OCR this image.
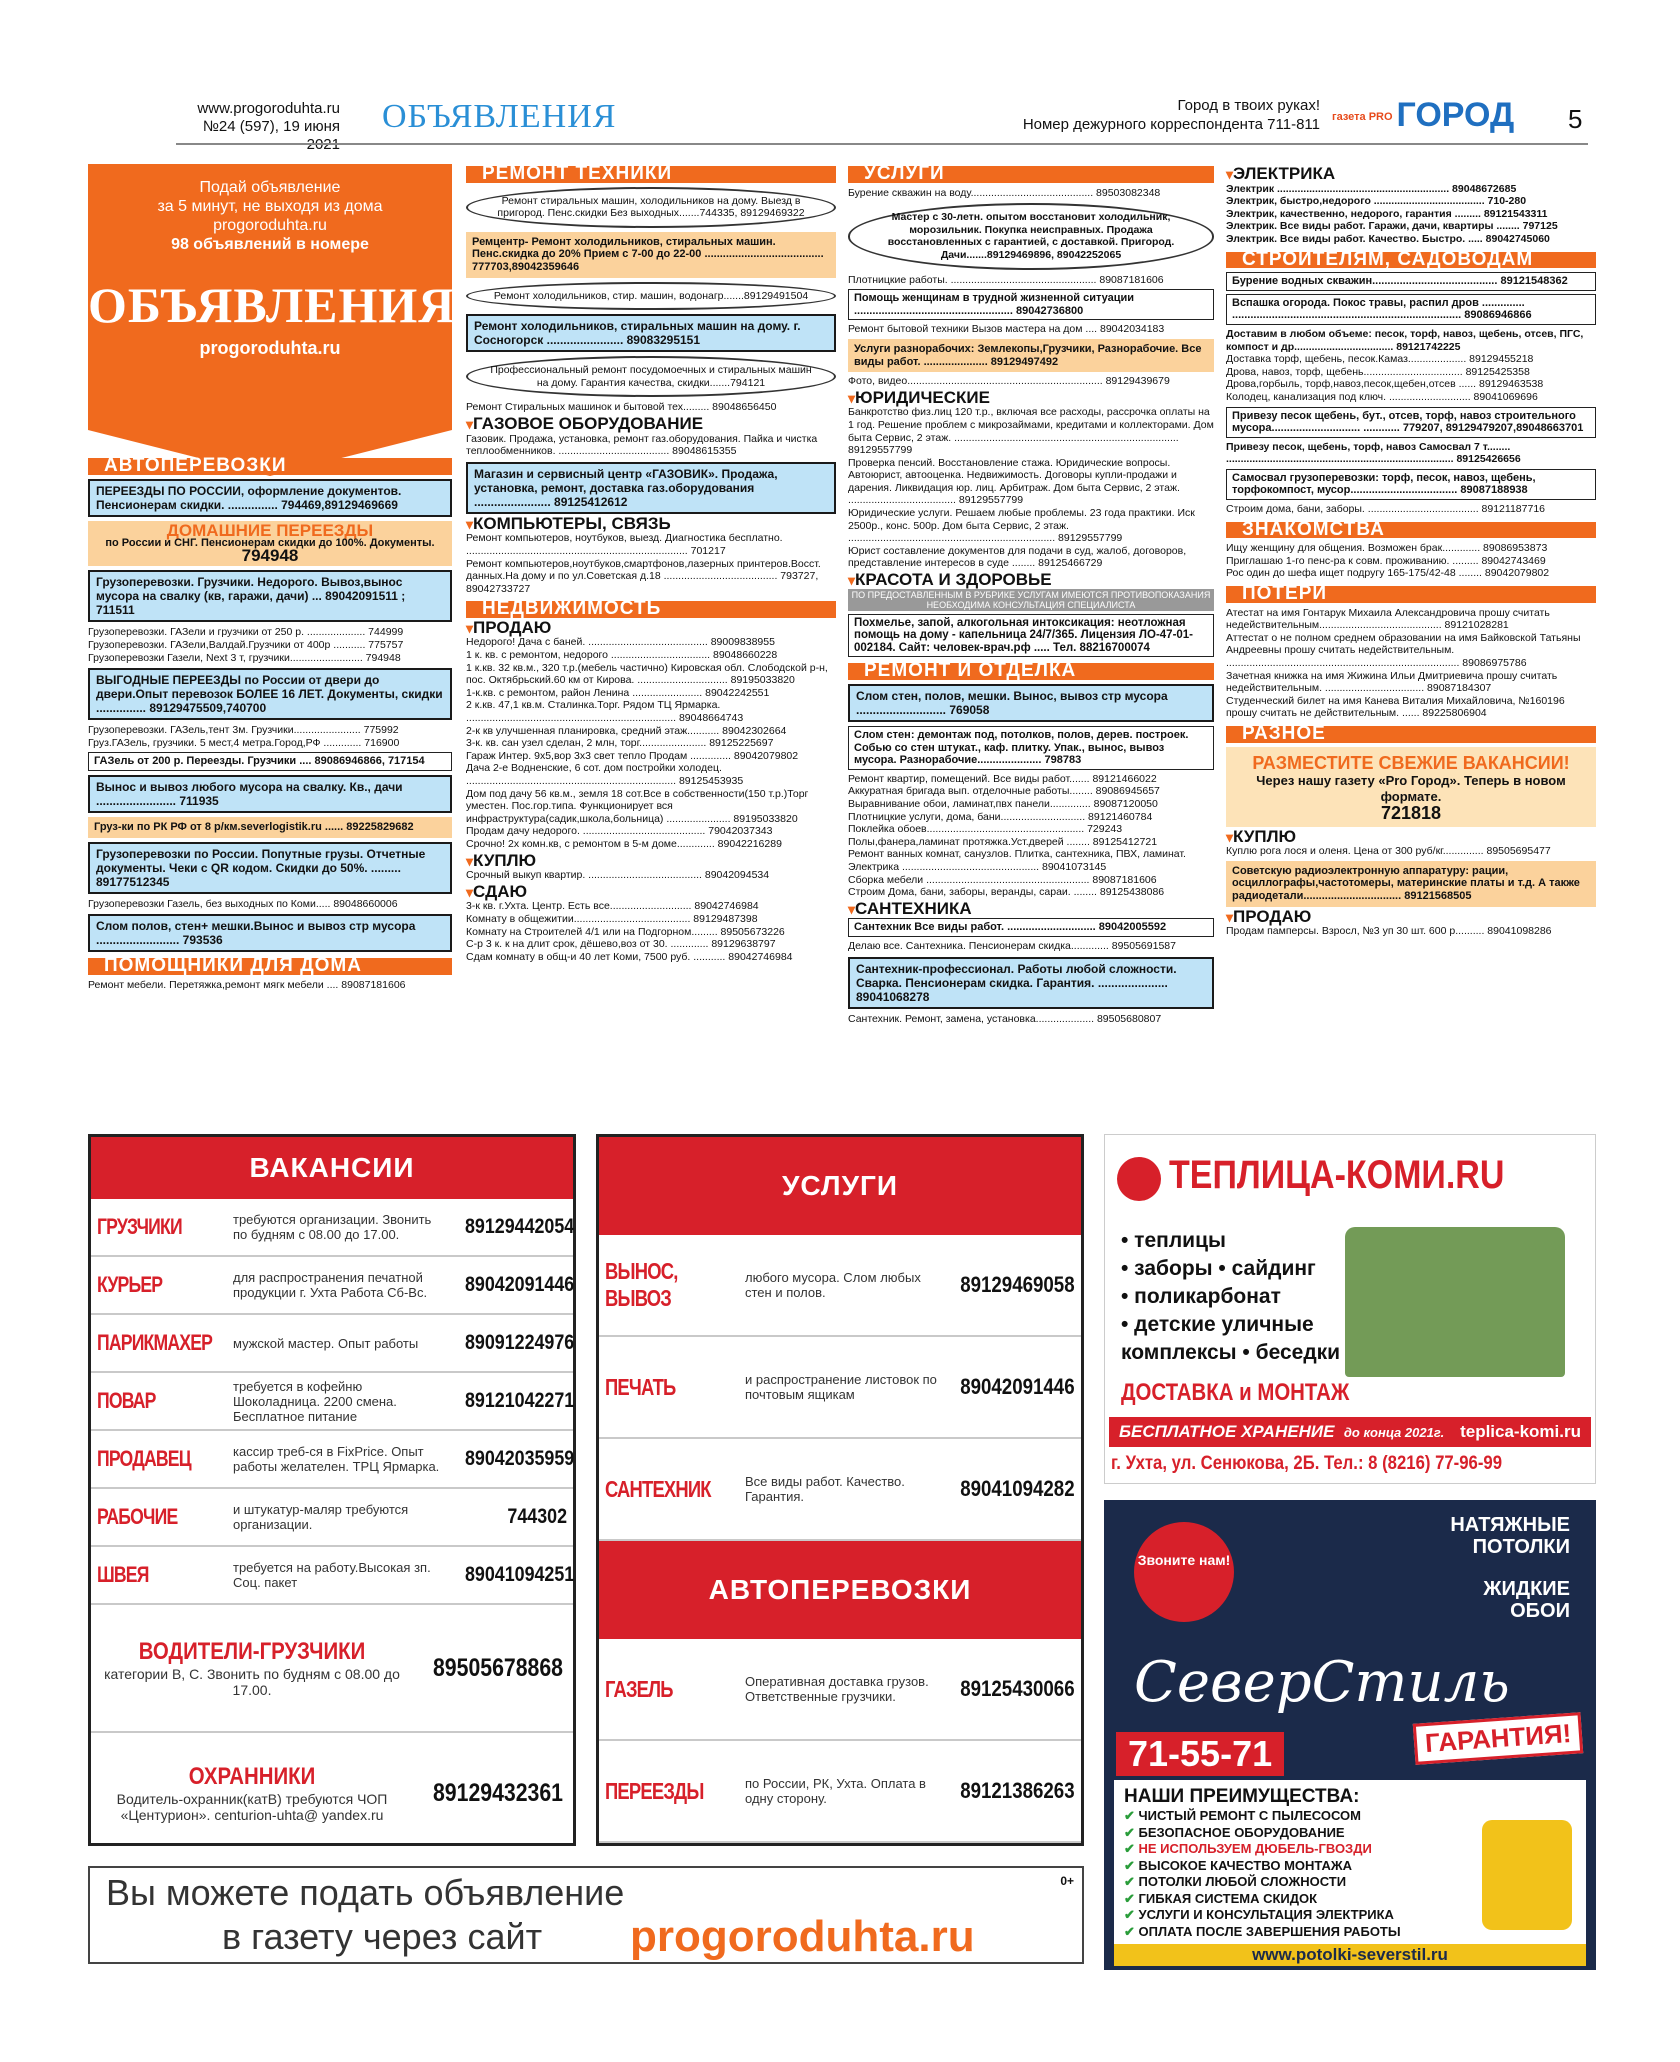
www.progoroduhta.ru
№24 (597), 19 июня ОБЪЯВЛЕНИЯ	Город в твоих руках!
Номер дежурного корреспондента 711-811 газета PRO ГОРОД 5
Подай объявление
за 5 минут, не выходя из дома
progoroduhta.ru
98 объявлений в номере
ОБЪЯВЛЕНИЯ
progoroduhta.ru
АВТОПЕРЕВОЗКИ
ПЕРЕЕЗДЫ ПО РОССИИ, оформление документов. Пенсионерам скидки. ............... 794469,89129469669
ДОМАШНИЕ ПЕРЕЕЗДЫ
по России и СНГ. Пенсионерам скидки до 100%. Документы.
794948
Грузоперевозки. Грузчики. Недорого. Вывоз,вынос мусора на свалку (кв, гаражи, дачи) ... 89042091511 ; 711511
Грузоперевозки. ГАЗели и грузчики от 250 р. .................... 744999
Грузоперевозки. ГАЗели,Валдай.Грузчики от 400р ........... 775757
Грузоперевозки Газели, Next 3 т, грузчики......................... 794948
ВЫГОДНЫЕ ПЕРЕЕЗДЫ по России от двери до двери.Опыт перевозок БОЛЕЕ 16 ЛЕТ. Документы, скидки ............... 89129475509,740700
Грузоперевозки. ГАЗель,тент 3м. Грузчики....................... 775992
Груз.ГАЗель, грузчики. 5 мест,4 метра.Город,РФ ............. 716900
ГАЗель от 200 р. Переезды. Грузчики .... 89086946866, 717154
Вынос и вывоз любого мусора на свалку. Кв., дачи ........................ 711935
Груз-ки по РК РФ от 8 р/км.severlogistik.ru ...... 89225829682
Грузоперевозки по России. Попутные грузы. Отчетные документы. Чеки с QR кодом. Скидки до 50%. ......... 89177512345
Грузоперевозки Газель, без выходных по Коми..... 89048660006
Слом полов, стен+ мешки.Вынос и вывоз стр мусора ......................... 793536
ПОМОЩНИКИ ДЛЯ ДОМА
Ремонт мебели. Перетяжка,ремонт мягк мебели .... 89087181606
РЕМОНТ ТЕХНИКИ
Ремонт стиральных машин, холодильников на дому. Выезд в пригород. Пенс.скидки Без выходных.......744335, 89129469322
Ремцентр- Ремонт холодильников, стиральных машин. Пенс.скидка до 20% Прием с 7-00 до 22-00 ....................................... 777703,89042359646
Ремонт холодильников, стир. машин, водонагр.......89129491504
Ремонт холодильников, стиральных машин на дому. г. Сосногорск ....................... 89083295151
Профессиональный ремонт посудомоечных и стиральных машин на дому. Гарантия качества, скидки.......794121
Ремонт Стиральных машинок и бытовой тех......... 89048656450
▾ ГАЗОВОЕ ОБОРУДОВАНИЕ
Газовик. Продажа, установка, ремонт газ.оборудования. Пайка и чистка теплообменников. ...................................... 89048615355
Магазин и сервисный центр «ГАЗОВИК». Продажа, установка, ремонт, доставка газ.оборудования ....................... 89125412612
▾ КОМПЬЮТЕРЫ, СВЯЗЬ
Ремонт компьютеров, ноутбуков, выезд. Диагностика бесплатно. ............................................................................ 701217
Ремонт компьютеров,ноутбуков,смартфонов,лазерных принтеров.Восст. данных.На дому и по ул.Советская д.18 ....................................... 793727, 89042733727
НЕДВИЖИМОСТЬ
▾ ПРОДАЮ
Недорого! Дача с баней. ......................................... 89009838955
1 к. кв. с ремонтом, недорого .................................. 89048660228
1 к.кв. 32 кв.м., 320 т.р.(мебель частично) Кировская обл. Слободской р-н, пос. Октябрьский.60 км от Кирова. ............................... 89195033820
1-к.кв. с ремонтом, район Ленина ........................ 89042242551
2 к.кв. 47,1 кв.м. Сталинка.Торг. Рядом ТЦ Ярмарка. ........................................................................ 89048664743
2-к кв улучшенная планировка, средний этаж........... 89042302664
3-к. кв. сан узел сделан, 2 млн, торг....................... 89125225697
Гараж Интер. 9х5,вор 3х3 свет тепло Продам .............. 89042079802
Дача 2-е Водненские, 6 сот. дом постройки холодец. ........................................................................ 89125453935
Дом под дачу 56 кв.м., земля 18 сот.Все в собственности(150 т.р.)Торг уместен. Пос.гор.типа. Функционирует вся инфраструктура(садик,школа,больница) ...................... 89195033820
Продам дачу недорого. .......................................... 79042037343
Срочно! 2х комн.кв, с ремонтом в 5-м доме............. 89042216289
▾ КУПЛЮ
Срочный выкуп квартир. ....................................... 89042094534
▾ СДАЮ
3-к кв. г.Ухта. Центр. Есть все............................ 89042746984
Комнату в общежитии........................................ 89129487398
Комнату на Строителей 4/1 или на Подгорном......... 89505673226
С-р 3 к. к на длит срок, дёшево,воз от 30. ............. 89129638797
Сдам комнату в общ-и 40 лет Коми, 7500 руб. ........... 89042746984
УСЛУГИ
Бурение скважин на воду.......................................... 89503082348
Мастер с 30-летн. опытом восстановит холодильник, морозильник. Покупка неисправных. Продажа восстановленных с гарантией, с доставкой. Пригород. Дачи.......89129469896, 89042252065
Плотницкие работы. .................................................. 89087181606
Помощь женщинам в трудной жизненной ситуации .................................................... 89042736800
Ремонт бытовой техники Вызов мастера на дом .... 89042034183
Услуги разнорабочих: Землекопы,Грузчики, Разнорабочие. Все виды работ. ..................... 89129497492
Фото, видео................................................................... 89129439679
▾ ЮРИДИЧЕСКИЕ
Банкротство физ.лиц 120 т.р., включая все расходы, рассрочка оплаты на 1 год. Решение проблем с микрозаймами, кредитами и коллекторами. Дом быта Сервис, 2 этаж. ............................................................................. 89129557799
Проверка пенсий. Восстановление стажа. Юридические вопросы. Автоюрист, автооценка. Недвижимость. Договоры купли-продажи и дарения. Ликвидация юр. лиц. Арбитраж. Дом быта Сервис, 2 этаж. ..................................... 89129557799
Юридические услуги. Решаем любые проблемы. 23 года практики. Иск 2500р., конс. 500р. Дом быта Сервис, 2 этаж. ....................................................................... 89129557799
Юрист составление документов для подачи в суд, жалоб, договоров, представление интересов в суде ........ 89125466729
▾ КРАСОТА И ЗДОРОВЬЕ
ПО ПРЕДОСТАВЛЕННЫМ В РУБРИКЕ УСЛУГАМ ИМЕЮТСЯ ПРОТИВОПОКАЗАНИЯ НЕОБХОДИМА КОНСУЛЬТАЦИЯ СПЕЦИАЛИСТА
Похмелье, запой, алкогольная интоксикация: неотложная помощь на дому - капельница 24/7/365. Лицензия ЛО-47-01-002184. Сайт: человек-врач.рф ..... Тел. 88216700074
РЕМОНТ И ОТДЕЛКА
Слом стен, полов, мешки. Вынос, вывоз стр мусора ........................... 769058
Слом стен: демонтаж под, потолков, полов, дерев. построек. Собью со стен штукат., каф. плитку. Упак., вынос, вывоз мусора. Разнорабочие..................... 798783
Ремонт квартир, помещений. Все виды работ....... 89121466022
Аккуратная бригада вып. отделочные работы........ 89086945657
Выравнивание обои, ламинат,пвх панели.............. 89087120050
Плотницкие услуги, дома, бани............................. 89121460784
Поклейка обоев...................................................... 729243
Полы,фанера,ламинат протяжка.Уст.дверей ........ 89125412721
Ремонт ванных комнат, санузлов. Плитка, сантехника, ПВХ, ламинат. Электрика ............................................... 89041073145
Сборка мебели ........................................................ 89087181606
Строим Дома, бани, заборы, веранды, сараи. ........ 89125438086
▾ САНТЕХНИКА
Сантехник Все виды работ. ............................. 89042005592
Делаю все. Сантехника. Пенсионерам скидка............. 89505691587
Сантехник-профессионал. Работы любой сложности. Сварка. Пенсионерам скидка. Гарантия. ..................... 89041068278
Сантехник. Ремонт, замена, установка.................... 89505680807
▾ ЭЛЕКТРИКА
Электрик ........................................................... 89048672685
Электрик, быстро,недорого ...................................... 710-280
Электрик, качественно, недорого, гарантия ......... 89121543311
Электрик. Все виды работ. Гаражи, дачи, квартиры ........ 797125
Электрик. Все виды работ. Качество. Быстро. ..... 89042745060
СТРОИТЕЛЯМ, САДОВОДАМ
Бурение водных скважин......................................... 89121548362
Вспашка огорода. Покос травы, распил дров .............. ........................................................................... 89086946866
Доставим в любом объеме: песок, торф, навоз, щебень, отсев, ПГС, компост и др.................................. 89121742225
Доставка торф, щебень, песок.Камаз.................... 89129455218
Дрова, навоз, торф, щебень.................................. 89125425358
Дрова,горбыль, торф,навоз,песок,щебен,отсев ...... 89129463538
Колодец, канализация под ключ. ............................ 89041069696
Привезу песок щебень, бут., отсев, торф, навоз строительного мусора............................. ............ 779207, 89129479207,89048663701
Привезу песок, щебень, торф, навоз Самосвал 7 т........ .............................................................................. 89125426656
Самосвал грузоперевозки: торф, песок, навоз, щебень, торфокомпост, мусор................................... 89087188938
Строим дома, бани, заборы. ...................................... 89121187716
ЗНАКОМСТВА
Ищу женщину для общения. Возможен брак............. 89086953873
Приглашаю 1-го пенс-ра к совм. проживанию. ......... 89042743469
Рос один до шефа ищет подругу 165-175/42-48 ........ 89042079802
ПОТЕРИ
Атестат на имя Гонтарук Михаила Александровича прошу считать недействительным.......................................... 89121028281
Аттестат о не полном среднем образовании на имя Байковской Татьяны Андреевны прошу считать недействительным. ................................................................................ 89086975786
Зачетная книжка на имя Жижина Ильи Дмитриевича прошу считать недействительным. .................................. 89087184307
Студенческий билет на имя Канева Виталия Михайловича, №160196 прошу считать не действительным. ...... 89225806904
РАЗНОЕ
РАЗМЕСТИТЕ СВЕЖИЕ ВАКАНСИИ!
Через нашу газету «Pro Город». Теперь в новом формате.
721818
▾ КУПЛЮ
Куплю рога лося и оленя. Цена от 300 руб/кг.............. 89505695477
Советскую радиоэлектронную аппаратуру: рации, осциллографы,частотомеры, материнские платы и т.д. А также радиодетали................................ 89121568505
▾ ПРОДАЮ
Продам памперсы. Взросл, №3 уп 30 шт. 600 р.......... 89041098286
ВАКАНСИИ
ГРУЗЧИКИ	требуются организации. Звонить по будням с 08.00 до 17.00.	89129442054
КУРЬЕР	для распространения печатной продукции г. Ухта Работа Сб-Вс.	89042091446
ПАРИКМАХЕР мужской мастер. Опыт работы	89091224976
ПОВАР
требуется в кофейню Шоколадница. 2200 смена. Бесплатное питание
89121042271
ПРОДАВЕЦ	кассир треб-ся в FixPrice. Опыт работы желателен. ТРЦ Ярмарка.	89042035959
РАБОЧИЕ	и штукатур-маляр требуются организации.	744302
ШВЕЯ	требуется на работу.Высокая зп. Соц. пакет	89041094251
ВОДИТЕЛИ-ГРУЗЧИКИ
категории В, С. Звонить по будням с 08.00 до 17.00.
89505678868
ОХРАННИКИ
Водитель-охранник(катВ) требуются ЧОП «Центурион». centurion-uhta@ yandex.ru
89129432361
УСЛУГИ
ВЫНОС, ВЫВОЗ
любого мусора. Слом любых стен и полов.	89129469058
ПЕЧАТЬ	и распространение листовок по почтовым ящикам	89042091446
САНТЕХНИК	Все виды работ. Качество. Гарантия.	89041094282
АВТОПЕРЕВОЗКИ
ГАЗЕЛЬ	Оперативная доставка грузов. Ответственные грузчики.	89125430066
ПЕРЕЕЗДЫ	по России, РК, Ухта. Оплата в одну сторону.	89121386263
ТЕПЛИЦА-КОМИ.RU
• теплицы
• заборы • сайдинг
• поликарбонат
• детские уличные
комплексы • беседки
ДОСТАВКА и МОНТАЖ
БЕСПЛАТНОЕ ХРАНЕНИЕ до конца 2021г. teplica-komi.ru
г. Ухта, ул. Сенюкова, 2Б. Тел.: 8 (8216) 77-96-99
Звоните нам!
НАТЯЖНЫЕ ПОТОЛКИ
ЖИДКИЕ ОБОИ
СеверСтиль
71-55-71	ГАРАНТИЯ!
НАШИ ПРЕИМУЩЕСТВА:
✔ ЧИСТЫЙ РЕМОНТ С ПЫЛЕСОСОМ
✔ БЕЗОПАСНОЕ ОБОРУДОВАНИЕ
✔ НЕ ИСПОЛЬЗУЕМ ДЮБЕЛЬ-ГВОЗДИ
✔ ВЫСОКОЕ КАЧЕСТВО МОНТАЖА
✔ ПОТОЛКИ ЛЮБОЙ СЛОЖНОСТИ
✔ ГИБКАЯ СИСТЕМА СКИДОК
✔ УСЛУГИ И КОНСУЛЬТАЦИЯ ЭЛЕКТРИКА
✔ ОПЛАТА ПОСЛЕ ЗАВЕРШЕНИЯ РАБОТЫ
www.potolki-severstil.ru
Вы можете подать объявление
в газету через сайт progoroduhta.ru
0+
